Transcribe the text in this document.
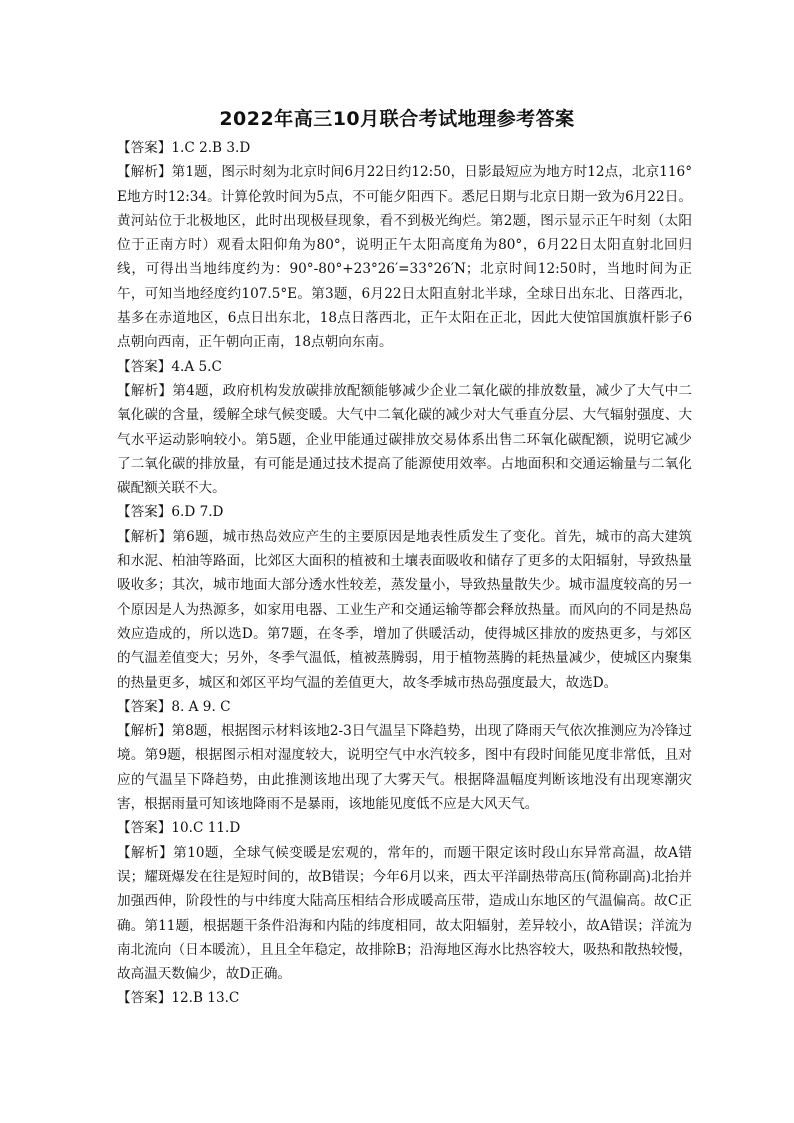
2022年高三10月联合考试地理参考答案

【答案】1.C 2.B 3.D

【解析】第1题，图示时刻为北京时间6月22日约12:50，日影最短应为地方时12点，北京116° E地方时12:34。计算伦敦时间为5点，不可能夕阳西下。悉尼日期与北京日期一致为6月22日。黄河站位于北极地区，此时出现极昼现象，看不到极光绚烂。第2题，图示显示正午时刻（太阳位于正南方时）观看太阳仰角为80°，说明正午太阳高度角为80°，6月22日太阳直射北回归线，可得出当地纬度约为：90°-80°+23°26′=33°26′N；北京时间12:50时，当地时间为正午，可知当地经度约107.5°E。第3题，6月22日太阳直射北半球，全球日出东北、日落西北，基多在赤道地区，6点日出东北，18点日落西北，正午太阳在正北，因此大使馆国旗旗杆影子6点朝向西南，正午朝向正南，18点朝向东南。

【答案】4.A 5.C

【解析】第4题，政府机构发放碳排放配额能够减少企业二氧化碳的排放数量，减少了大气中二氧化碳的含量，缓解全球气候变暖。大气中二氧化碳的减少对大气垂直分层、大气辐射强度、大气水平运动影响较小。第5题，企业甲能通过碳排放交易体系出售二环氧化碳配额，说明它减少了二氧化碳的排放量，有可能是通过技术提高了能源使用效率。占地面积和交通运输量与二氧化碳配额关联不大。

【答案】6.D 7.D

【解析】第6题，城市热岛效应产生的主要原因是地表性质发生了变化。首先，城市的高大建筑和水泥、柏油等路面，比郊区大面积的植被和土壤表面吸收和储存了更多的太阳辐射，导致热量吸收多；其次，城市地面大部分透水性较差，蒸发量小，导致热量散失少。城市温度较高的另一个原因是人为热源多，如家用电器、工业生产和交通运输等都会释放热量。而风向的不同是热岛效应造成的，所以选D。第7题，在冬季，增加了供暖活动，使得城区排放的废热更多，与郊区的气温差值变大；另外，冬季气温低，植被蒸腾弱，用于植物蒸腾的耗热量减少，使城区内聚集的热量更多，城区和郊区平均气温的差值更大，故冬季城市热岛强度最大，故选D。

【答案】8. A 9. C

【解析】第8题，根据图示材料该地2-3日气温呈下降趋势，出现了降雨天气依次推测应为冷锋过境。第9题，根据图示相对湿度较大，说明空气中水汽较多，图中有段时间能见度非常低，且对应的气温呈下降趋势，由此推测该地出现了大雾天气。根据降温幅度判断该地没有出现寒潮灾害，根据雨量可知该地降雨不是暴雨，该地能见度低不应是大风天气。

【答案】10.C 11.D

【解析】第10题，全球气候变暖是宏观的，常年的，而题干限定该时段山东异常高温，故A错误；耀斑爆发在往是短时间的，故B错误；今年6月以来，西太平洋副热带高压(简称副高)北抬并加强西伸，阶段性的与中纬度大陆高压相结合形成暖高压带，造成山东地区的气温偏高。故C正确。第11题，根据题干条件沿海和内陆的纬度相同，故太阳辐射，差异较小，故A错误；洋流为南北流向（日本暖流），且且全年稳定，故排除B；沿海地区海水比热容较大，吸热和散热较慢，故高温天数偏少，故D正确。

【答案】12.B 13.C
